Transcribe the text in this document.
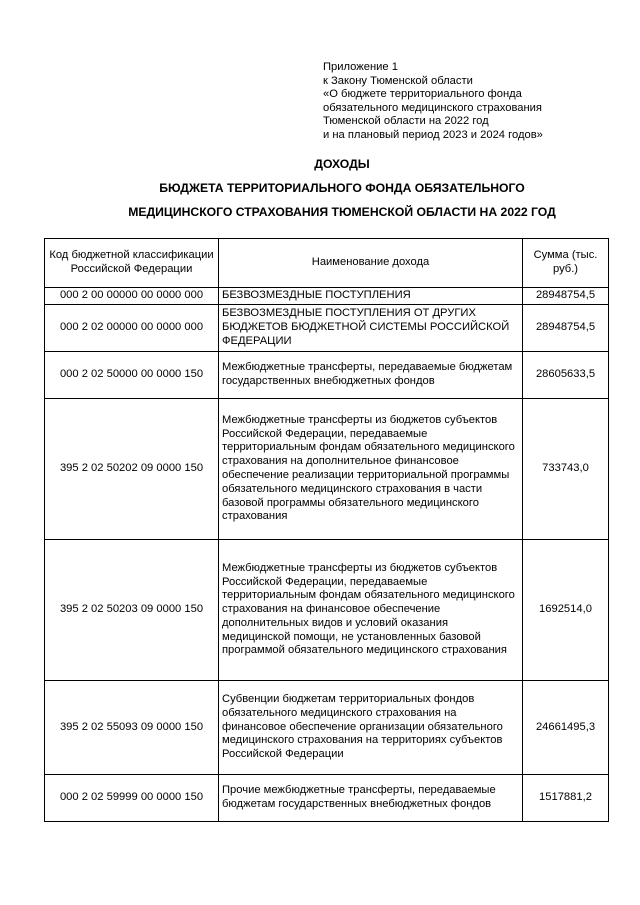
Приложение 1
к Закону Тюменской области
«О бюджете территориального фонда
обязательного медицинского страхования
Тюменской области на 2022 год
и на плановый период 2023 и 2024 годов»
ДОХОДЫ
БЮДЖЕТА ТЕРРИТОРИАЛЬНОГО ФОНДА ОБЯЗАТЕЛЬНОГО
МЕДИЦИНСКОГО СТРАХОВАНИЯ ТЮМЕНСКОЙ ОБЛАСТИ НА 2022 ГОД
Код бюджетной классификации Российской Федерации	Наименование дохода	Сумма (тыс. руб.)
000 2 00 00000 00 0000 000	БЕЗВОЗМЕЗДНЫЕ ПОСТУПЛЕНИЯ	28948754,5
000 2 02 00000 00 0000 000	БЕЗВОЗМЕЗДНЫЕ ПОСТУПЛЕНИЯ ОТ ДРУГИХ БЮДЖЕТОВ БЮДЖЕТНОЙ СИСТЕМЫ РОССИЙСКОЙ ФЕДЕРАЦИИ	28948754,5
000 2 02 50000 00 0000 150	Межбюджетные трансферты, передаваемые бюджетам государственных внебюджетных фондов	28605633,5
395 2 02 50202 09 0000 150	Межбюджетные трансферты из бюджетов субъектов Российской Федерации, передаваемые территориальным фондам обязательного медицинского страхования на дополнительное финансовое обеспечение реализации территориальной программы обязательного медицинского страхования в части базовой программы обязательного медицинского страхования	733743,0
395 2 02 50203 09 0000 150	Межбюджетные трансферты из бюджетов субъектов Российской Федерации, передаваемые территориальным фондам обязательного медицинского страхования на финансовое обеспечение дополнительных видов и условий оказания медицинской помощи, не установленных базовой программой обязательного медицинского страхования	1692514,0
395 2 02 55093 09 0000 150	Субвенции бюджетам территориальных фондов обязательного медицинского страхования на финансовое обеспечение организации обязательного медицинского страхования на территориях субъектов Российской Федерации	24661495,3
000 2 02 59999 00 0000 150	Прочие межбюджетные трансферты, передаваемые бюджетам государственных внебюджетных фондов	1517881,2
